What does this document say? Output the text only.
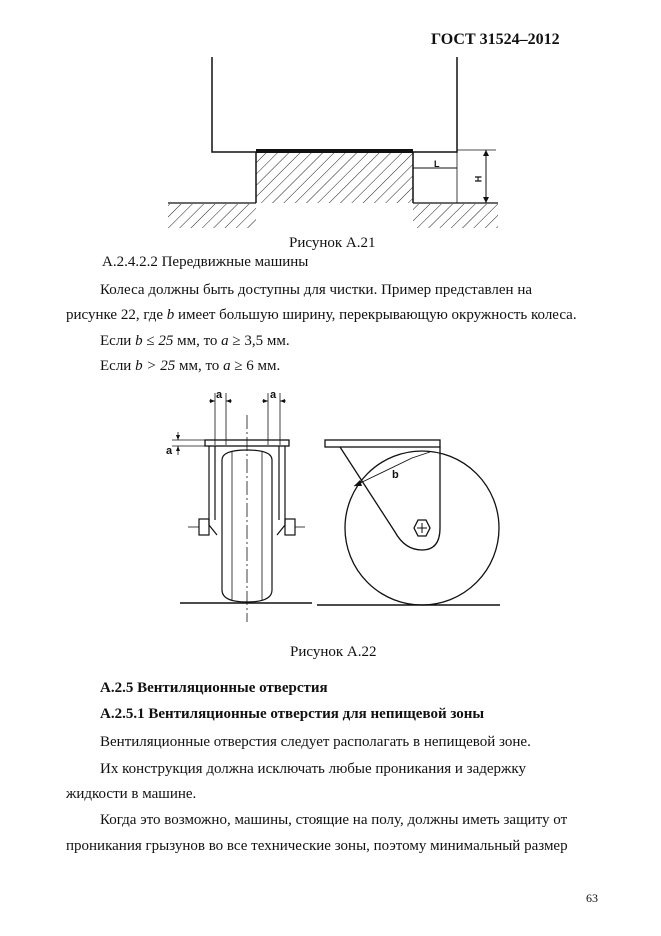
ГОСТ 31524–2012
L
H
Рисунок А.21
А.2.4.2.2 Передвижные машины
Колеса должны быть доступны для чистки. Пример представлен на
рисунке 22, где b имеет большую ширину, перекрывающую окружность колеса.
Если b ≤ 25 мм, то a ≥ 3,5 мм.
Если b > 25 мм, то a ≥ 6 мм.
a	a
a
b
Рисунок А.22
А.2.5 Вентиляционные отверстия
А.2.5.1 Вентиляционные отверстия для непищевой зоны
Вентиляционные отверстия следует располагать в непищевой зоне.
Их конструкция должна исключать любые проникания и задержку
жидкости в машине.
Когда это возможно, машины, стоящие на полу, должны иметь защиту от
проникания грызунов во все технические зоны, поэтому минимальный размер
63
